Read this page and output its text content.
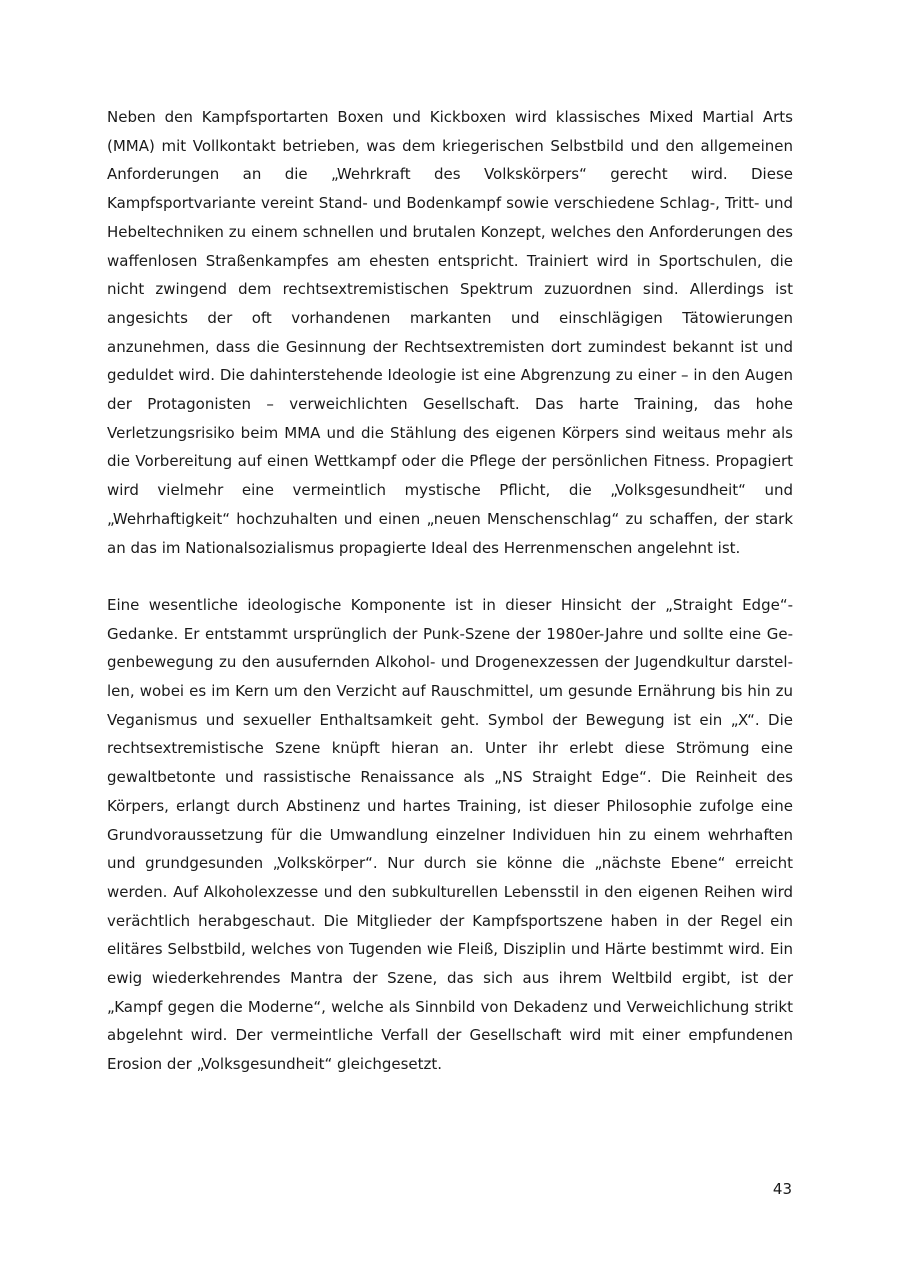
Neben den Kampfsportarten Boxen und Kickboxen wird klassisches Mixed Martial Arts (MMA) mit Vollkontakt betrieben, was dem kriegerischen Selbstbild und den allgemeinen Anforderungen an die „Wehrkraft des Volkskörpers“ gerecht wird. Diese Kampfsportvariante vereint Stand- und Bodenkampf sowie verschiedene Schlag-, Tritt- und Hebeltechniken zu einem schnellen und brutalen Konzept, welches den Anforderungen des waffenlosen Straßenkampfes am ehesten entspricht. Trainiert wird in Sportschulen, die nicht zwingend dem rechtsextremistischen Spektrum zuzuordnen sind. Allerdings ist angesichts der oft vorhandenen markanten und einschlägigen Tätowierungen anzunehmen, dass die Gesinnung der Rechtsextremisten dort zumindest bekannt ist und geduldet wird. Die dahinterstehende Ideologie ist eine Abgrenzung zu einer – in den Augen der Protagonisten – verweichlichten Gesellschaft. Das harte Training, das hohe Verletzungsrisiko beim MMA und die Stählung des eigenen Körpers sind weitaus mehr als die Vorbereitung auf einen Wettkampf oder die Pflege der persönlichen Fitness. Propagiert wird vielmehr eine vermeintlich mystische Pflicht, die „Volksgesundheit“ und „Wehrhaftigkeit“ hochzuhalten und einen „neuen Menschenschlag“ zu schaffen, der stark an das im Nationalsozialismus propagierte Ideal des Herrenmenschen angelehnt ist.

Eine wesentliche ideologische Komponente ist in dieser Hinsicht der „Straight Edge“-Gedanke. Er entstammt ursprünglich der Punk-Szene der 1980er-Jahre und sollte eine Gegenbewegung zu den ausufernden Alkohol- und Drogenexzessen der Jugendkultur darstellen, wobei es im Kern um den Verzicht auf Rauschmittel, um gesunde Ernährung bis hin zu Veganismus und sexueller Enthaltsamkeit geht. Symbol der Bewegung ist ein „X“. Die rechtsextremistische Szene knüpft hieran an. Unter ihr erlebt diese Strömung eine gewaltbetonte und rassistische Renaissance als „NS Straight Edge“. Die Reinheit des Körpers, erlangt durch Abstinenz und hartes Training, ist dieser Philosophie zufolge eine Grundvoraussetzung für die Umwandlung einzelner Individuen hin zu einem wehrhaften und grundgesunden „Volkskörper“. Nur durch sie könne die „nächste Ebene“ erreicht werden. Auf Alkoholexzesse und den subkulturellen Lebensstil in den eigenen Reihen wird verächtlich herabgeschaut. Die Mitglieder der Kampfsportszene haben in der Regel ein elitäres Selbstbild, welches von Tugenden wie Fleiß, Disziplin und Härte bestimmt wird. Ein ewig wiederkehrendes Mantra der Szene, das sich aus ihrem Weltbild ergibt, ist der „Kampf gegen die Moderne“, welche als Sinnbild von Dekadenz und Verweichlichung strikt abgelehnt wird. Der vermeintliche Verfall der Gesellschaft wird mit einer empfundenen Erosion der „Volksgesundheit“ gleichgesetzt.

43
